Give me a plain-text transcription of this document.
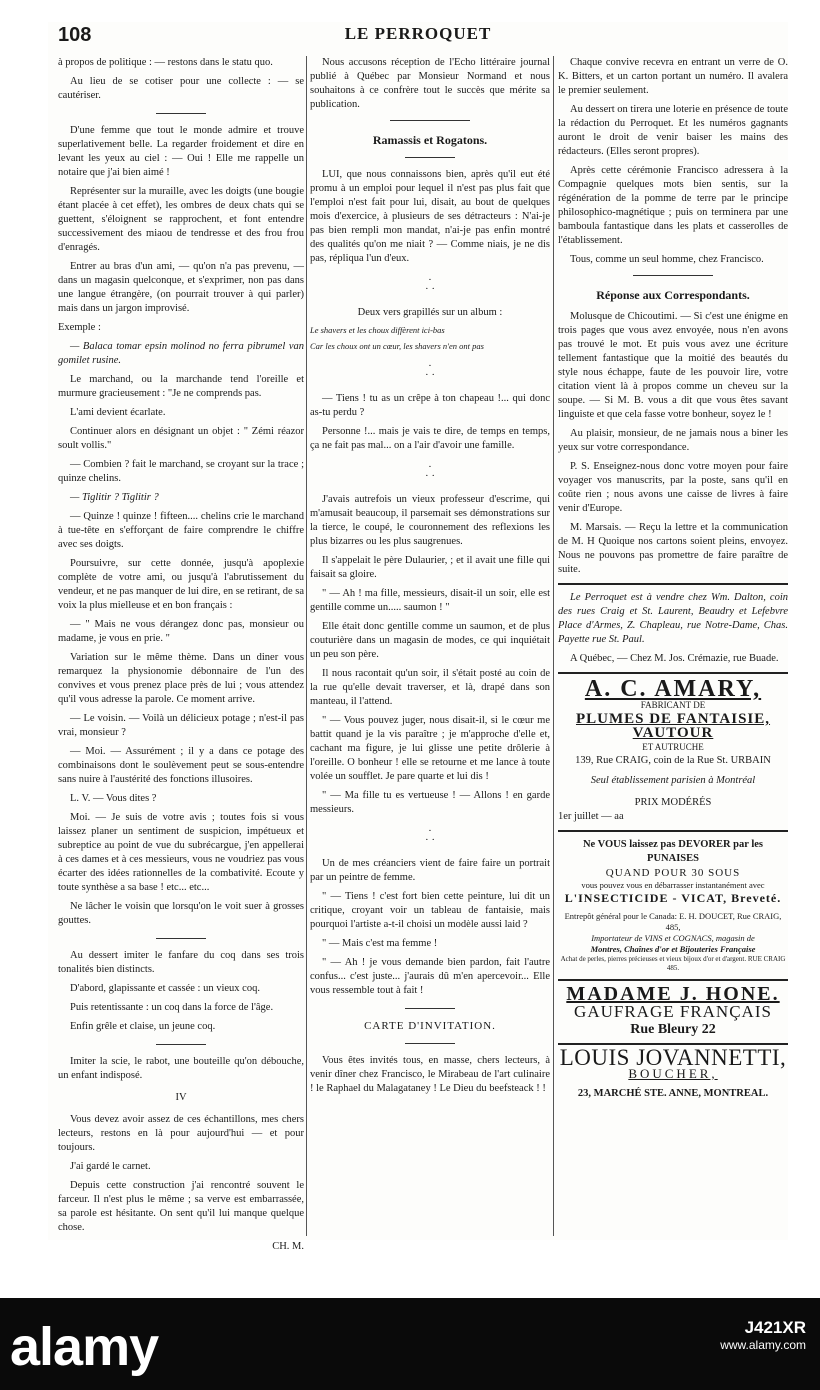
108	LE PERROQUET

à propos de politique : — restons dans le statu quo.

Au lieu de se cotiser pour une collecte : — se cautériser.

D'une femme que tout le monde admire et trouve superlativement belle. La regarder froidement et dire en levant les yeux au ciel : — Oui ! Elle me rappelle un notaire que j'ai bien aimé !

Représenter sur la muraille, avec les doigts (une bougie étant placée à cet effet), les ombres de deux chats qui se guettent, s'éloignent se rapprochent, et font entendre successivement des miaou de tendresse et des frou frou d'enragés.

Entrer au bras d'un ami, — qu'on n'a pas prevenu, — dans un magasin quelconque, et s'exprimer, non pas dans une langue étrangère, (on pourrait trouver à qui parler) mais dans un jargon improvisé.

Exemple :

— Balaca tomar epsin molinod no ferra pibrumel van gomilet rusine.

Le marchand, ou la marchande tend l'oreille et murmure gracieusement : "Je ne comprends pas.

L'ami devient écarlate.

Continuer alors en désignant un objet : " Zémi réazor soult vollis."

— Combien ? fait le marchand, se croyant sur la trace ; quinze chelins.

— Tiglitir ? Tiglitir ?

— Quinze ! quinze ! fifteen.... chelins crie le marchand à tue-tête en s'efforçant de faire comprendre le chiffre avec ses doigts.

Poursuivre, sur cette donnée, jusqu'à apoplexie complète de votre ami, ou jusqu'à l'abrutissement du vendeur, et ne pas manquer de lui dire, en se retirant, de sa voix la plus mielleuse et en bon français :

— " Mais ne vous dérangez donc pas, monsieur ou madame, je vous en prie. "

Variation sur le même thème. Dans un diner vous remarquez la physionomie débonnaire de l'un des convives et vous prenez place près de lui ; vous attendez qu'il vous adresse la parole. Ce moment arrive.

— Le voisin. — Voilà un délicieux potage ; n'est-il pas vrai, monsieur ?

— Moi. — Assurément ; il y a dans ce potage des combinaisons dont le soulèvement peut se sous-entendre sans nuire à l'austérité des fonctions illusoires.

L. V. — Vous dites ?

Moi. — Je suis de votre avis ; toutes fois si vous laissez planer un sentiment de suspicion, impétueux et subreptice au point de vue du subrécargue, j'en appellerai à ces dames et à ces messieurs, vous ne voudriez pas vous écarter des idées rationnelles de la combativité. Ecoute y toute synthèse a sa base ! etc... etc...

Ne lâcher le voisin que lorsqu'on le voit suer à grosses gouttes.

Au dessert imiter le fanfare du coq dans ses trois tonalités bien distincts.

D'abord, glapissante et cassée : un vieux coq.

Puis retentissante : un coq dans la force de l'âge.

Enfin grêle et claise, un jeune coq.

Imiter la scie, le rabot, une bouteille qu'on débouche, un enfant indisposé.

IV

Vous devez avoir assez de ces échantillons, mes chers lecteurs, restons en là pour aujourd'hui — et pour toujours.

J'ai gardé le carnet.

Depuis cette construction j'ai rencontré souvent le farceur. Il n'est plus le même ; sa verve est embarrassée, sa parole est hésitante. On sent qu'il lui manque quelque chose.

CH. M.

Nous accusons réception de l'Echo littéraire journal publié à Québec par Monsieur Normand et nous souhaitons à ce confrère tout le succès que mérite sa publication.

Ramassis et Rogatons.

LUI, que nous connaissons bien, après qu'il eut été promu à un emploi pour lequel il n'est pas plus fait que l'emploi n'est fait pour lui, disait, au bout de quelques mois d'exercice, à plusieurs de ses détracteurs : N'ai-je pas bien rempli mon mandat, n'ai-je pas enfin montré des qualités qu'on me niait ? — Comme niais, je ne dis pas, répliqua l'un d'eux.

·
· ·

Deux vers grapillés sur un album :

Le shavers et les choux diffèrent ici-bas

Car les choux ont un cœur, les shavers n'en ont pas

·
· ·

— Tiens ! tu as un crêpe à ton chapeau !... qui donc as-tu perdu ?

Personne !... mais je vais te dire, de temps en temps, ça ne fait pas mal... on a l'air d'avoir une famille.

·
· ·

J'avais autrefois un vieux professeur d'escrime, qui m'amusait beaucoup, il parsemait ses démonstrations sur la tierce, le coupé, le couronnement des reflexions les plus bizarres ou les plus saugrenues.

Il s'appelait le père Dulaurier, ; et il avait une fille qui faisait sa gloire.

" — Ah ! ma fille, messieurs, disait-il un soir, elle est gentille comme un..... saumon ! "

Elle était donc gentille comme un saumon, et de plus couturière dans un magasin de modes, ce qui inquiétait un peu son père.

Il nous racontait qu'un soir, il s'était posté au coin de la rue qu'elle devait traverser, et là, drapé dans son manteau, il l'attend.

" — Vous pouvez juger, nous disait-il, si le cœur me battit quand je la vis paraître ; je m'approche d'elle et, cachant ma figure, je lui glisse une petite drôlerie à l'oreille. O bonheur ! elle se retourne et me lance à toute volée un soufflet. Je pare quarte et lui dis !

" — Ma fille tu es vertueuse ! — Allons ! en garde messieurs.

·
· ·

Un de mes créanciers vient de faire faire un portrait par un peintre de femme.

" — Tiens ! c'est fort bien cette peinture, lui dit un critique, croyant voir un tableau de fantaisie, mais pourquoi l'artiste a-t-il choisi un modèle aussi laid ?

" — Mais c'est ma femme !

" — Ah ! je vous demande bien pardon, fait l'autre confus... c'est juste... j'aurais dû m'en apercevoir... Elle vous ressemble tout à fait !

CARTE D'INVITATION.

Vous êtes invités tous, en masse, chers lecteurs, à venir dîner chez Francisco, le Mirabeau de l'art culinaire ! le Raphael du Malagataney ! Le Dieu du beefsteack ! !

Chaque convive recevra en entrant un verre de O. K. Bitters, et un carton portant un numéro. Il avalera le premier seulement.

Au dessert on tirera une loterie en présence de toute la rédaction du Perroquet. Et les numéros gagnants auront le droit de venir baiser les mains des rédacteurs. (Elles seront propres).

Après cette cérémonie Francisco adressera à la Compagnie quelques mots bien sentis, sur la régénération de la pomme de terre par le principe philosophico-magnétique ; puis on terminera par une bamboula fantastique dans les plats et casserolles de l'établissement.

Tous, comme un seul homme, chez Francisco.

Réponse aux Correspondants.

Molusque de Chicoutimi. — Si c'est une énigme en trois pages que vous avez envoyée, nous n'en avons pas trouvé le mot. Et puis vous avez une écriture tellement fantastique que la moitié des beautés du style nous échappe, faute de les pouvoir lire, votre citation vient là à propos comme un cheveu sur la soupe. — Si M. B. vous a dit que vous êtes savant linguiste et que cela fasse votre bonheur, soyez le !

Au plaisir, monsieur, de ne jamais nous a biner les yeux sur votre correspondance.

P. S. Enseignez-nous donc votre moyen pour faire voyager vos manuscrits, par la poste, sans qu'il en coûte rien ; nous avons une caisse de livres à faire venir d'Europe.

M. Marsais. — Reçu la lettre et la communication de M. H Quoique nos cartons soient pleins, envoyez. Nous ne pouvons pas promettre de faire paraître de suite.

Le Perroquet est à vendre chez Wm. Dalton, coin des rues Craig et St. Laurent, Beaudry et Lefebvre Place d'Armes, Z. Chapleau, rue Notre-Dame, Chas. Payette rue St. Paul.

A Québec, — Chez M. Jos. Crémazie, rue Buade.

A. C. AMARY,
FABRICANT DE
PLUMES DE FANTAISIE, VAUTOUR
ET AUTRUCHE
139, Rue CRAIG, coin de la Rue St. URBAIN
Seul établissement parisien à Montréal
PRIX MODÉRÉS
1er juillet — aa
Ne VOUS laissez pas DEVORER par les PUNAISES
QUAND POUR 30 SOUS
vous pouvez vous en débarrasser instantanément avec
L'INSECTICIDE - VICAT, Breveté.
Entrepôt général pour le Canada: E. H. DOUCET, Rue CRAIG, 485,
Importateur de VINS et COGNACS, magasin de
Montres, Chaînes d'or et Bijouteries Française
Achat de perles, pierres précieuses et vieux bijoux d'or et d'argent. RUE CRAIG 485.
MADAME J. HONE.
GAUFRAGE FRANÇAIS
Rue Bleury 22
LOUIS JOVANNETTI,
BOUCHER,
23, MARCHÉ STE. ANNE, MONTREAL.
alamy	J421XR
www.alamy.com
